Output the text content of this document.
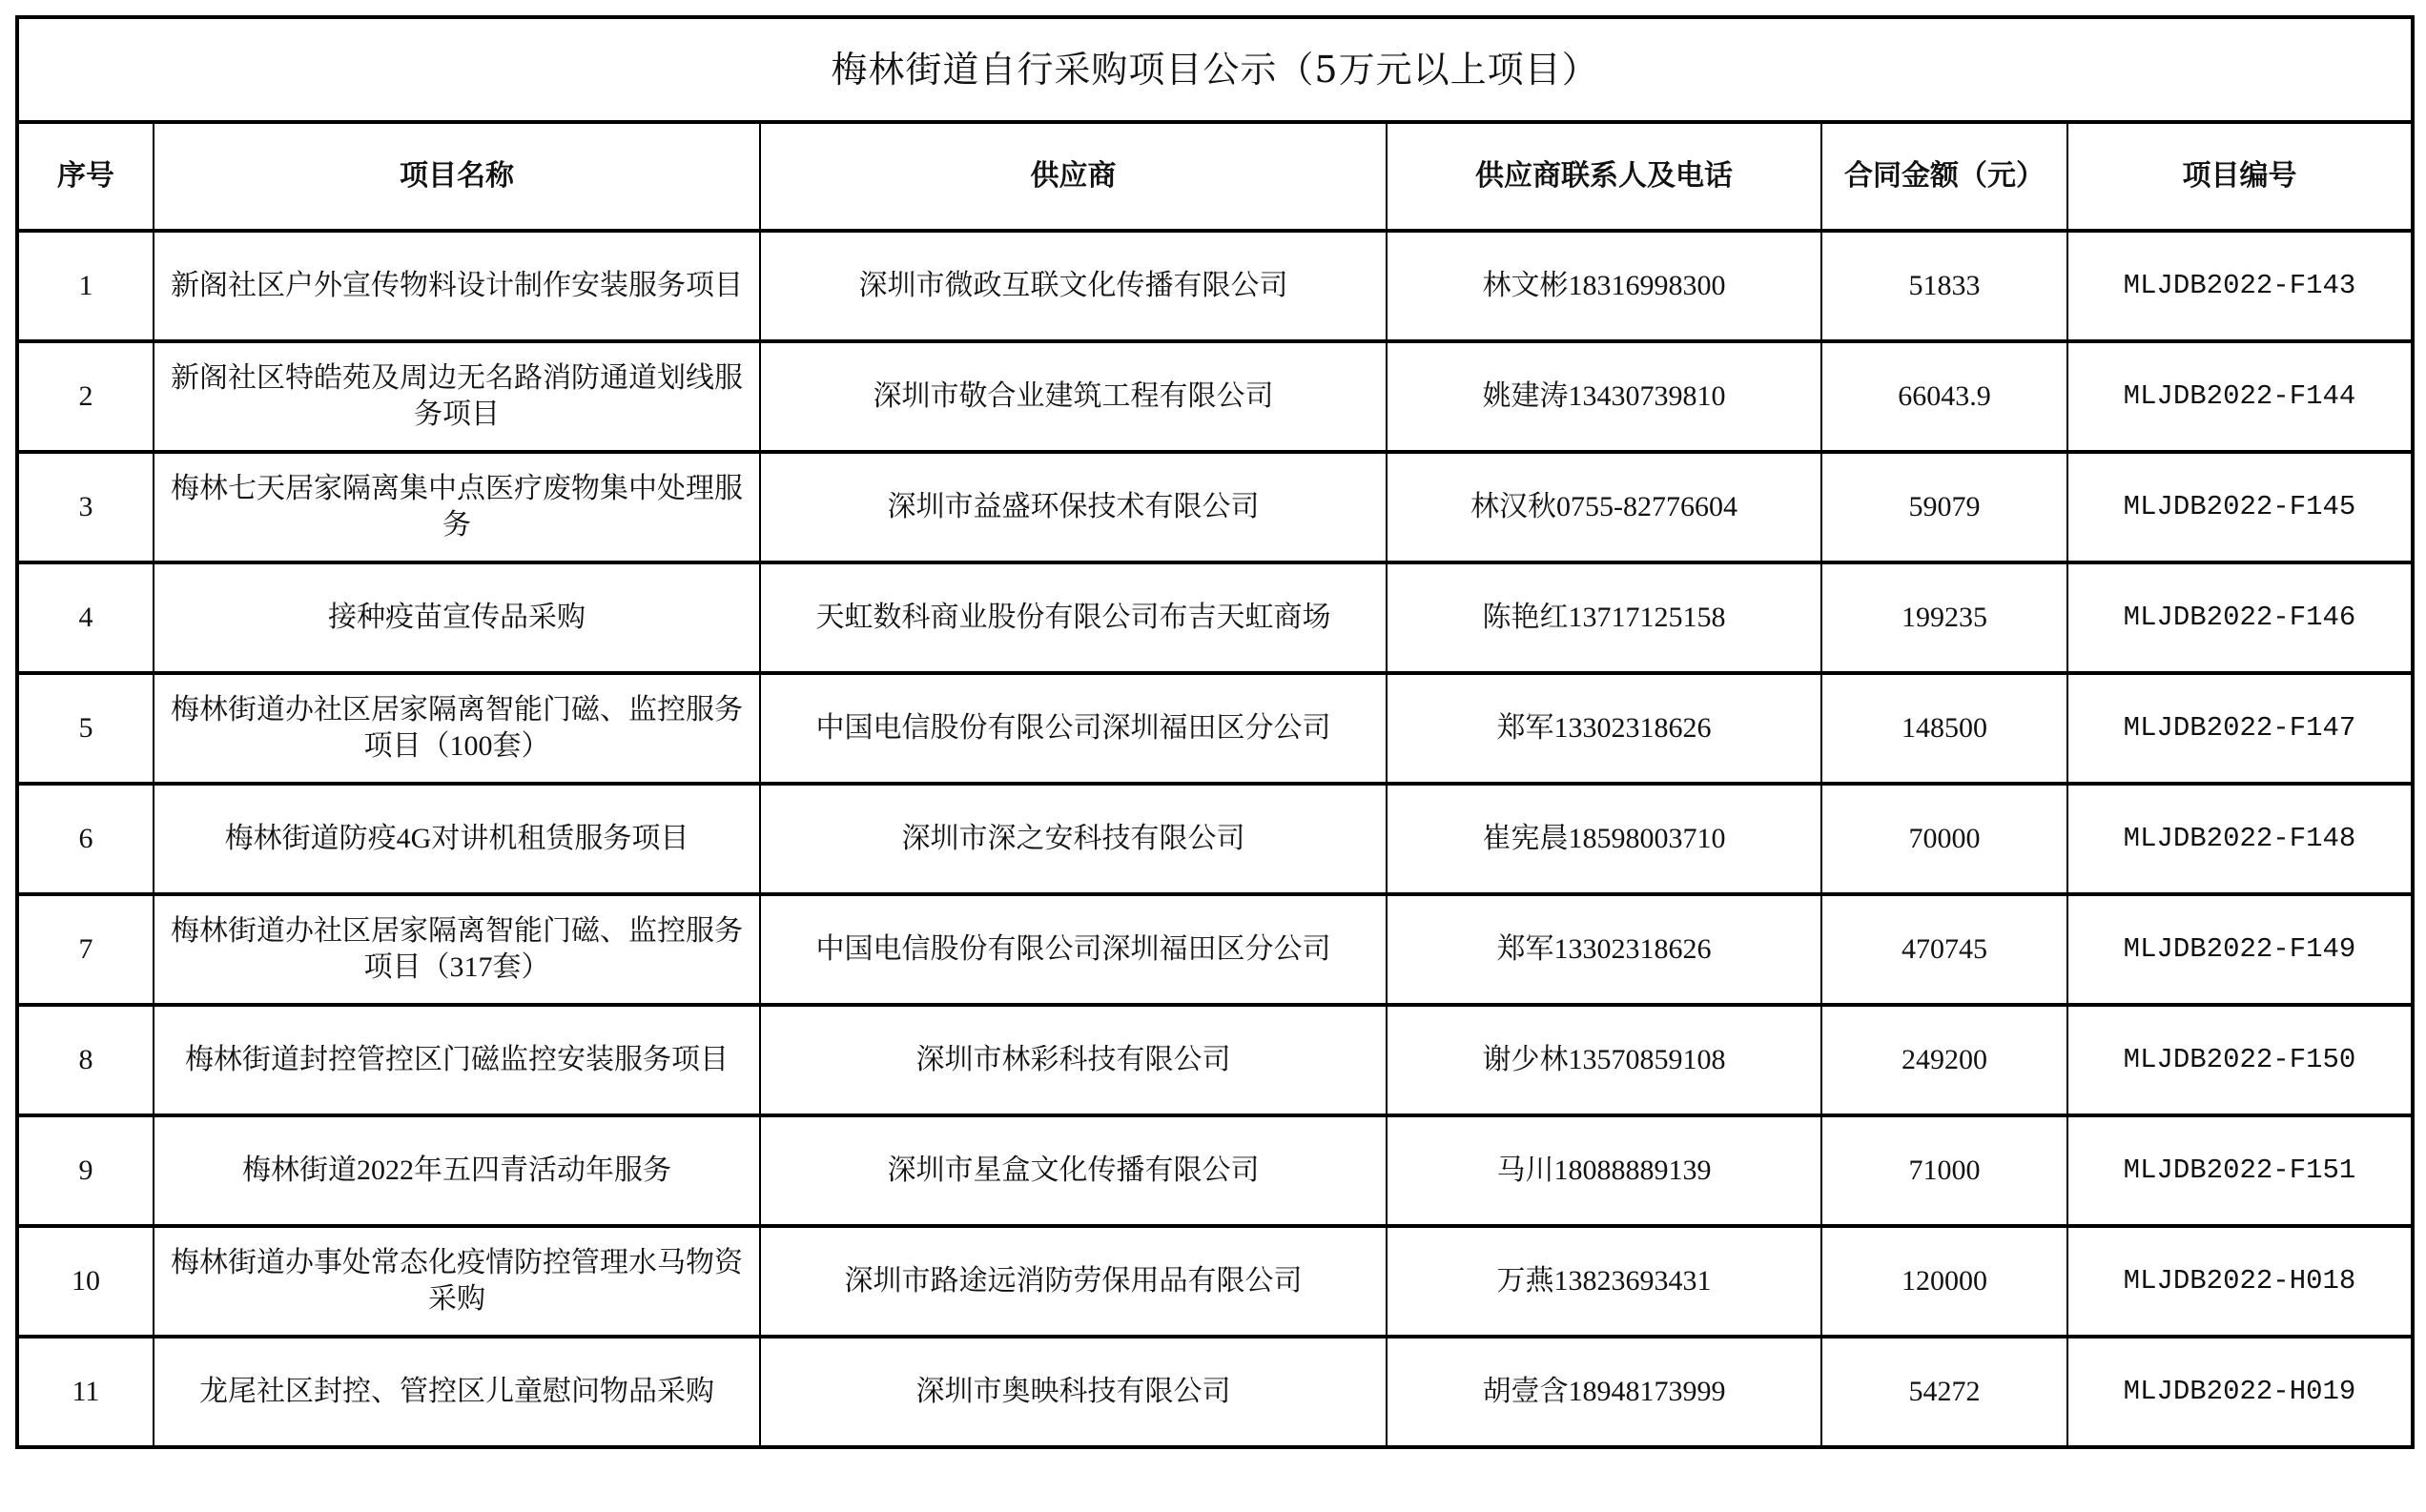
梅林街道自行采购项目公示（5万元以上项目）					
序号	项目名称	供应商	供应商联系人及电话	合同金额（元）	项目编号
1	新阁社区户外宣传物料设计制作安装服务项目	深圳市微政互联文化传播有限公司	林文彬18316998300	51833	MLJDB2022-F143
2	新阁社区特皓苑及周边无名路消防通道划线服务项目	深圳市敬合业建筑工程有限公司	姚建涛13430739810	66043.9	MLJDB2022-F144
3	梅林七天居家隔离集中点医疗废物集中处理服务	深圳市益盛环保技术有限公司	林汉秋0755-82776604	59079	MLJDB2022-F145
4	接种疫苗宣传品采购	天虹数科商业股份有限公司布吉天虹商场	陈艳红13717125158	199235	MLJDB2022-F146
5	梅林街道办社区居家隔离智能门磁、监控服务项目（100套）	中国电信股份有限公司深圳福田区分公司	郑军13302318626	148500	MLJDB2022-F147
6	梅林街道防疫4G对讲机租赁服务项目	深圳市深之安科技有限公司	崔宪晨18598003710	70000	MLJDB2022-F148
7	梅林街道办社区居家隔离智能门磁、监控服务项目（317套）	中国电信股份有限公司深圳福田区分公司	郑军13302318626	470745	MLJDB2022-F149
8	梅林街道封控管控区门磁监控安装服务项目	深圳市林彩科技有限公司	谢少林13570859108	249200	MLJDB2022-F150
9	梅林街道2022年五四青活动年服务	深圳市星盒文化传播有限公司	马川18088889139	71000	MLJDB2022-F151
10	梅林街道办事处常态化疫情防控管理水马物资采购	深圳市路途远消防劳保用品有限公司	万燕13823693431	120000	MLJDB2022-H018
11	龙尾社区封控、管控区儿童慰问物品采购	深圳市奥映科技有限公司	胡壹含18948173999	54272	MLJDB2022-H019
